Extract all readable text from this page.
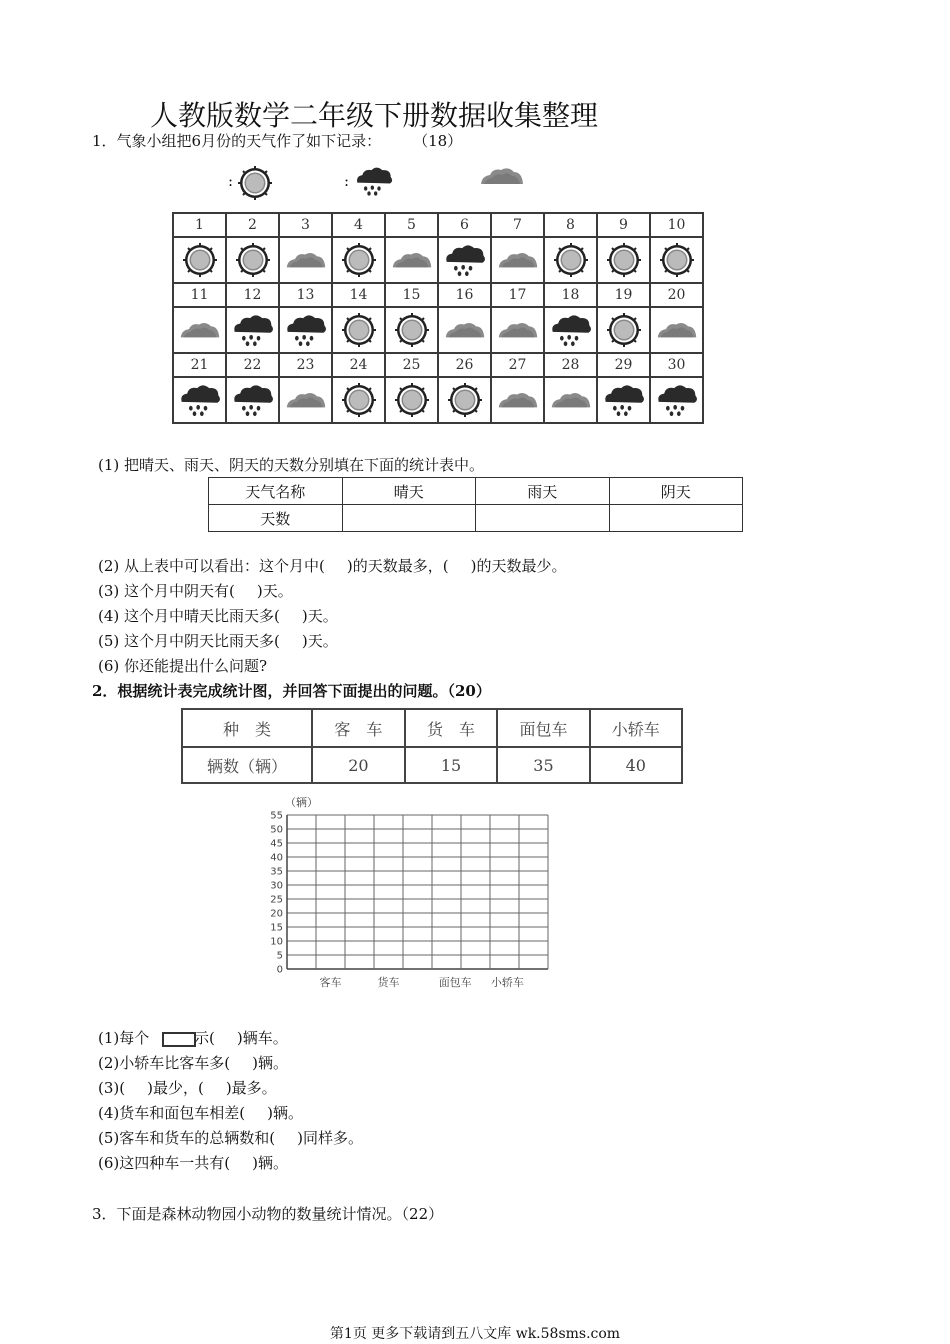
人教版数学二年级下册数据收集整理
1．气象小组把6月份的天气作了如下记录： （18）
:	:
1	2	3	4	5	6	7	8	9	10

11	12	13	14	15	16	17	18	19	20

21	22	23	24	25	26	27	28	29	30

(1) 把晴天、雨天、阴天的天数分别填在下面的统计表中。
天气名称	晴天	雨天	阴天
天数			
(2) 从上表中可以看出：这个月中( )的天数最多，( )的天数最少。
(3) 这个月中阴天有( )天。
(4) 这个月中晴天比雨天多( )天。
(5) 这个月中阴天比雨天多( )天。
(6) 你还能提出什么问题?
2．根据统计表完成统计图，并回答下面提出的问题。（20）
种　类	客　车	货　车	面包车	小轿车
辆数（辆）	20	15	35	40
（辆）
0
5
10
15
20
25
30
35
40
45
50
55
客车	货车	面包车 小轿车
(1)每个	示( )辆车。
(2)小轿车比客车多( )辆。
(3)( )最少，( )最多。
(4)货车和面包车相差( )辆。
(5)客车和货车的总辆数和( )同样多。
(6)这四种车一共有( )辆。
3．下面是森林动物园小动物的数量统计情况。（22）
第1页 更多下载请到五八文库 wk.58sms.com
